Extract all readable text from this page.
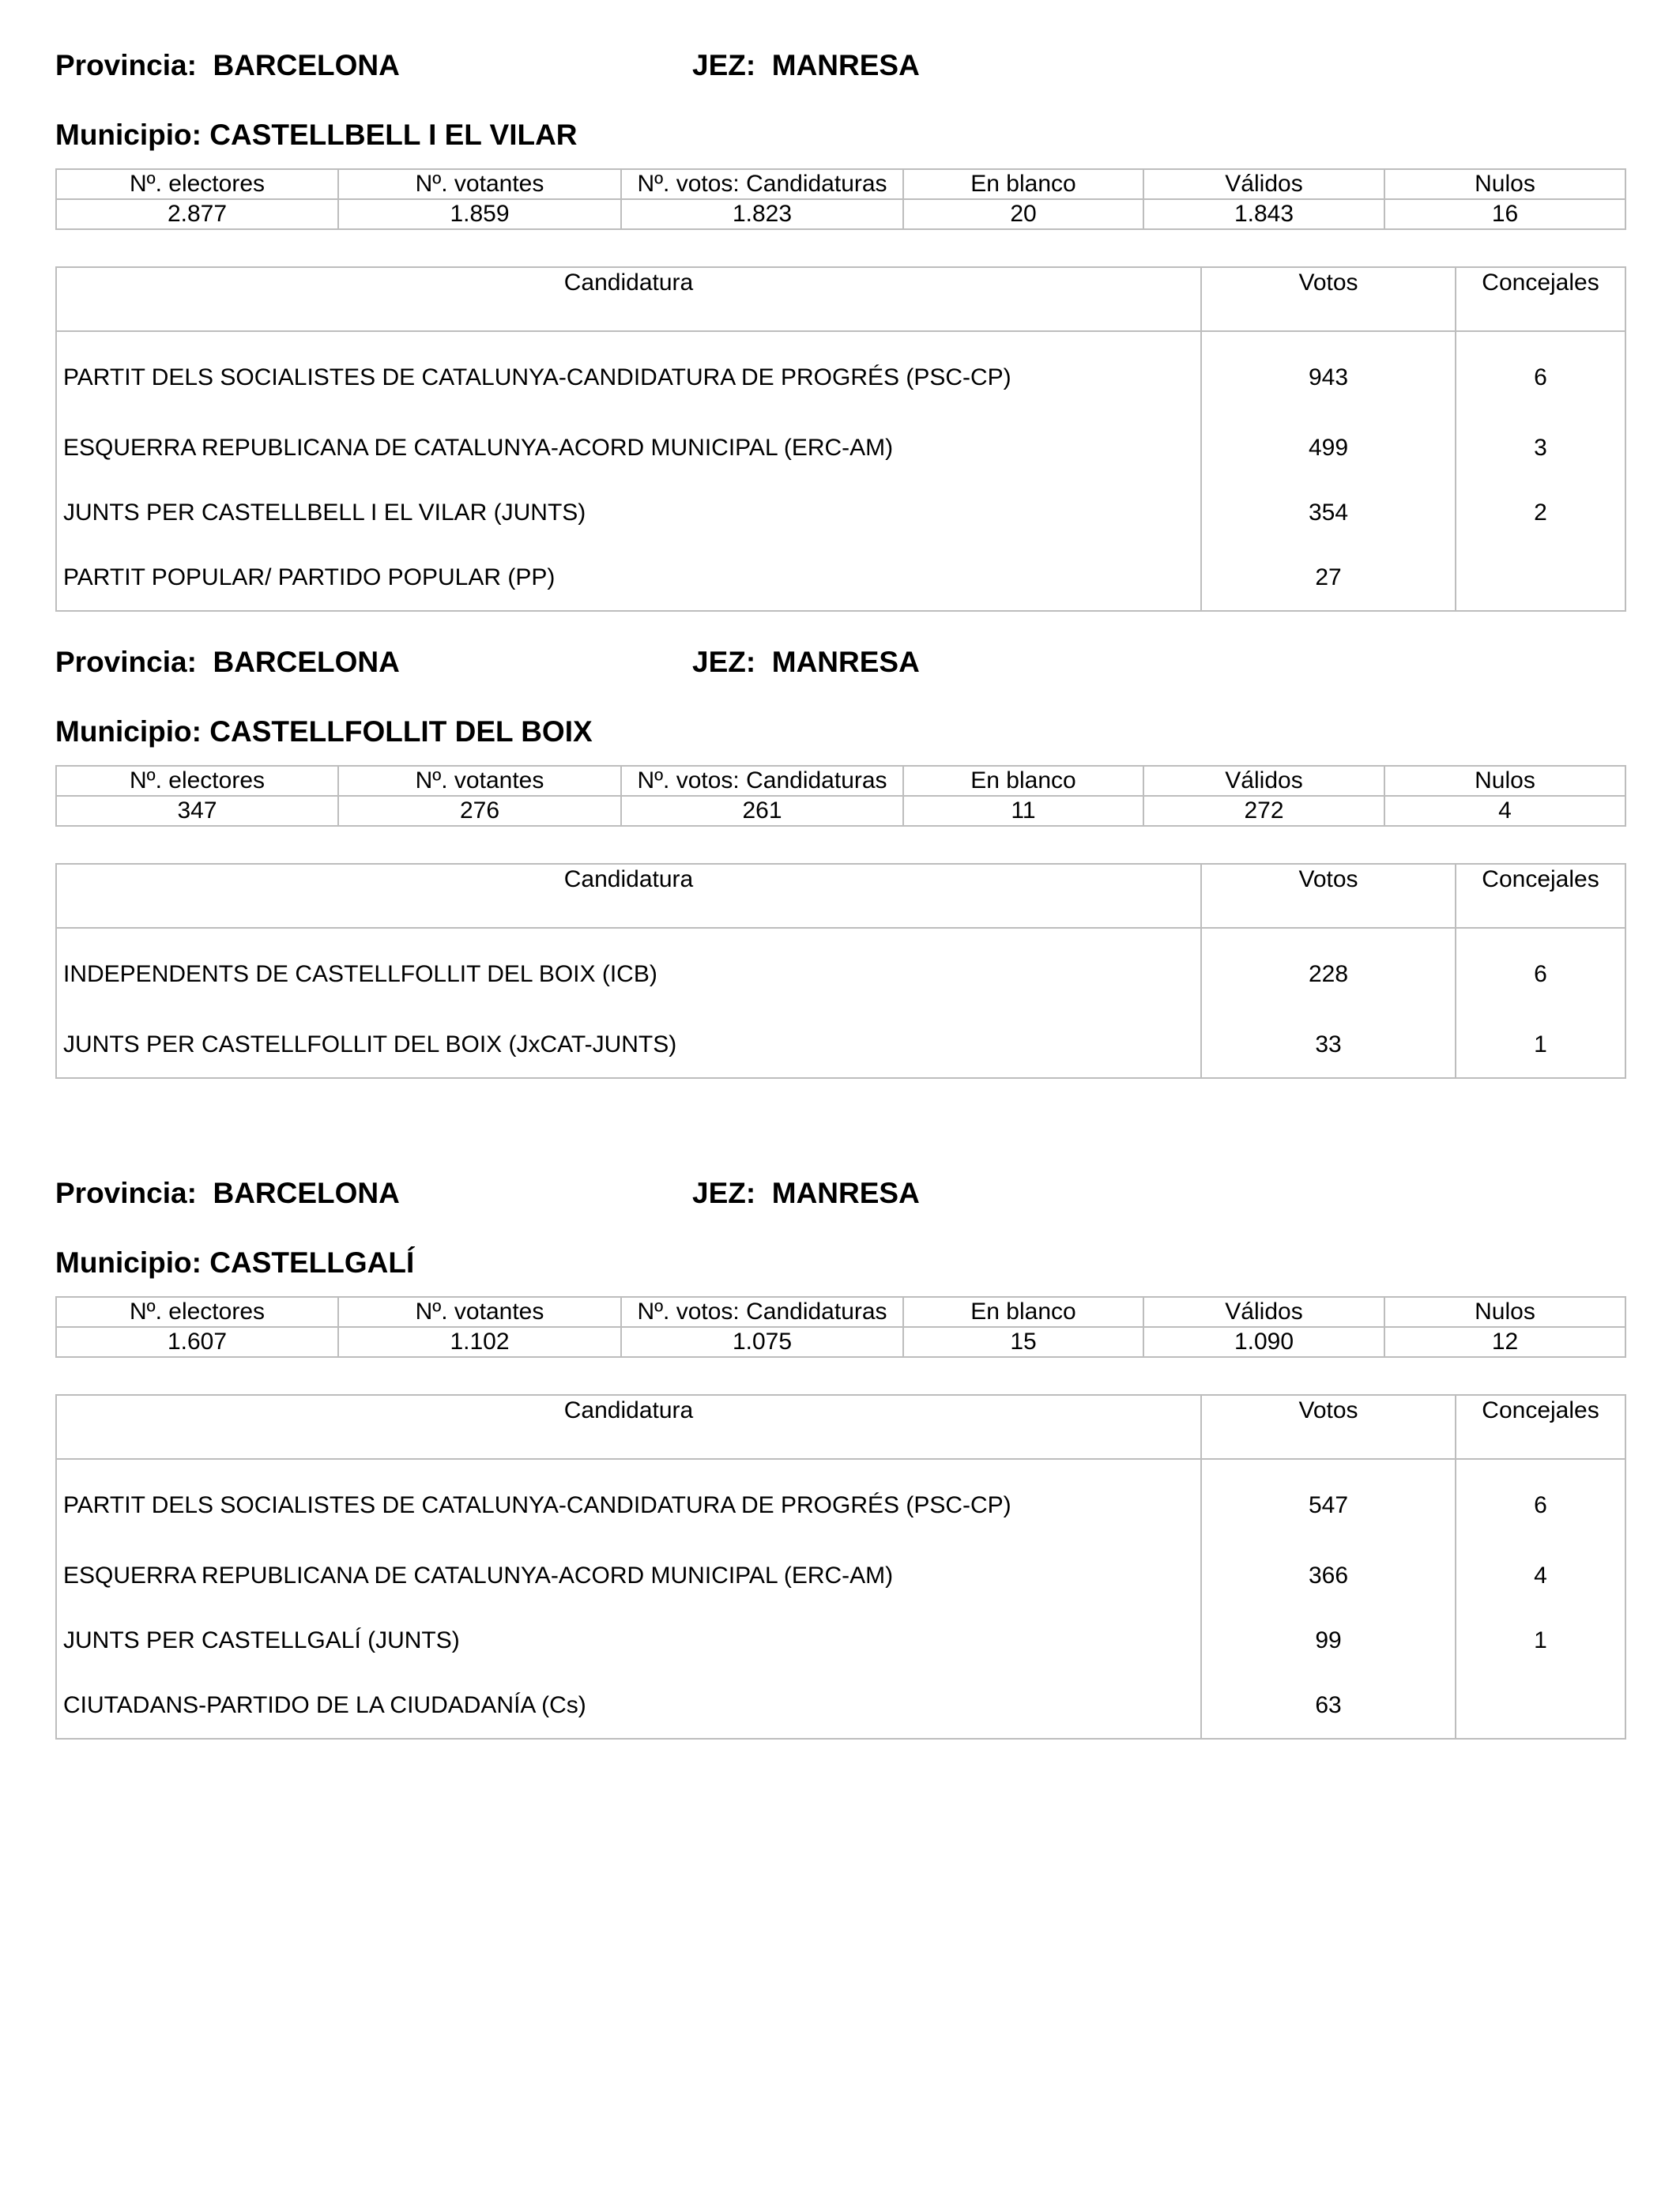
Provincia: BARCELONA	JEZ: MANRESA
Municipio: CASTELLBELL I EL VILAR
Nº. electores	Nº. votantes	Nº. votos: Candidaturas	En blanco	Válidos	Nulos
2.877	1.859	1.823	20	1.843	16
Candidatura	Votos	Concejales
PARTIT DELS SOCIALISTES DE CATALUNYA-CANDIDATURA DE PROGRÉS (PSC-CP)	943	6
ESQUERRA REPUBLICANA DE CATALUNYA-ACORD MUNICIPAL (ERC-AM)	499	3
JUNTS PER CASTELLBELL I EL VILAR (JUNTS)	354	2
PARTIT POPULAR/ PARTIDO POPULAR (PP)	27	
Provincia: BARCELONA	JEZ: MANRESA
Municipio: CASTELLFOLLIT DEL BOIX
Nº. electores	Nº. votantes	Nº. votos: Candidaturas	En blanco	Válidos	Nulos
347	276	261	11	272	4
Candidatura	Votos	Concejales
INDEPENDENTS DE CASTELLFOLLIT DEL BOIX (ICB)	228	6
JUNTS PER CASTELLFOLLIT DEL BOIX (JxCAT-JUNTS)	33	1
Provincia: BARCELONA	JEZ: MANRESA
Municipio: CASTELLGALÍ
Nº. electores	Nº. votantes	Nº. votos: Candidaturas	En blanco	Válidos	Nulos
1.607	1.102	1.075	15	1.090	12
Candidatura	Votos	Concejales
PARTIT DELS SOCIALISTES DE CATALUNYA-CANDIDATURA DE PROGRÉS (PSC-CP)	547	6
ESQUERRA REPUBLICANA DE CATALUNYA-ACORD MUNICIPAL (ERC-AM)	366	4
JUNTS PER CASTELLGALÍ (JUNTS)	99	1
CIUTADANS-PARTIDO DE LA CIUDADANÍA (Cs)	63	
